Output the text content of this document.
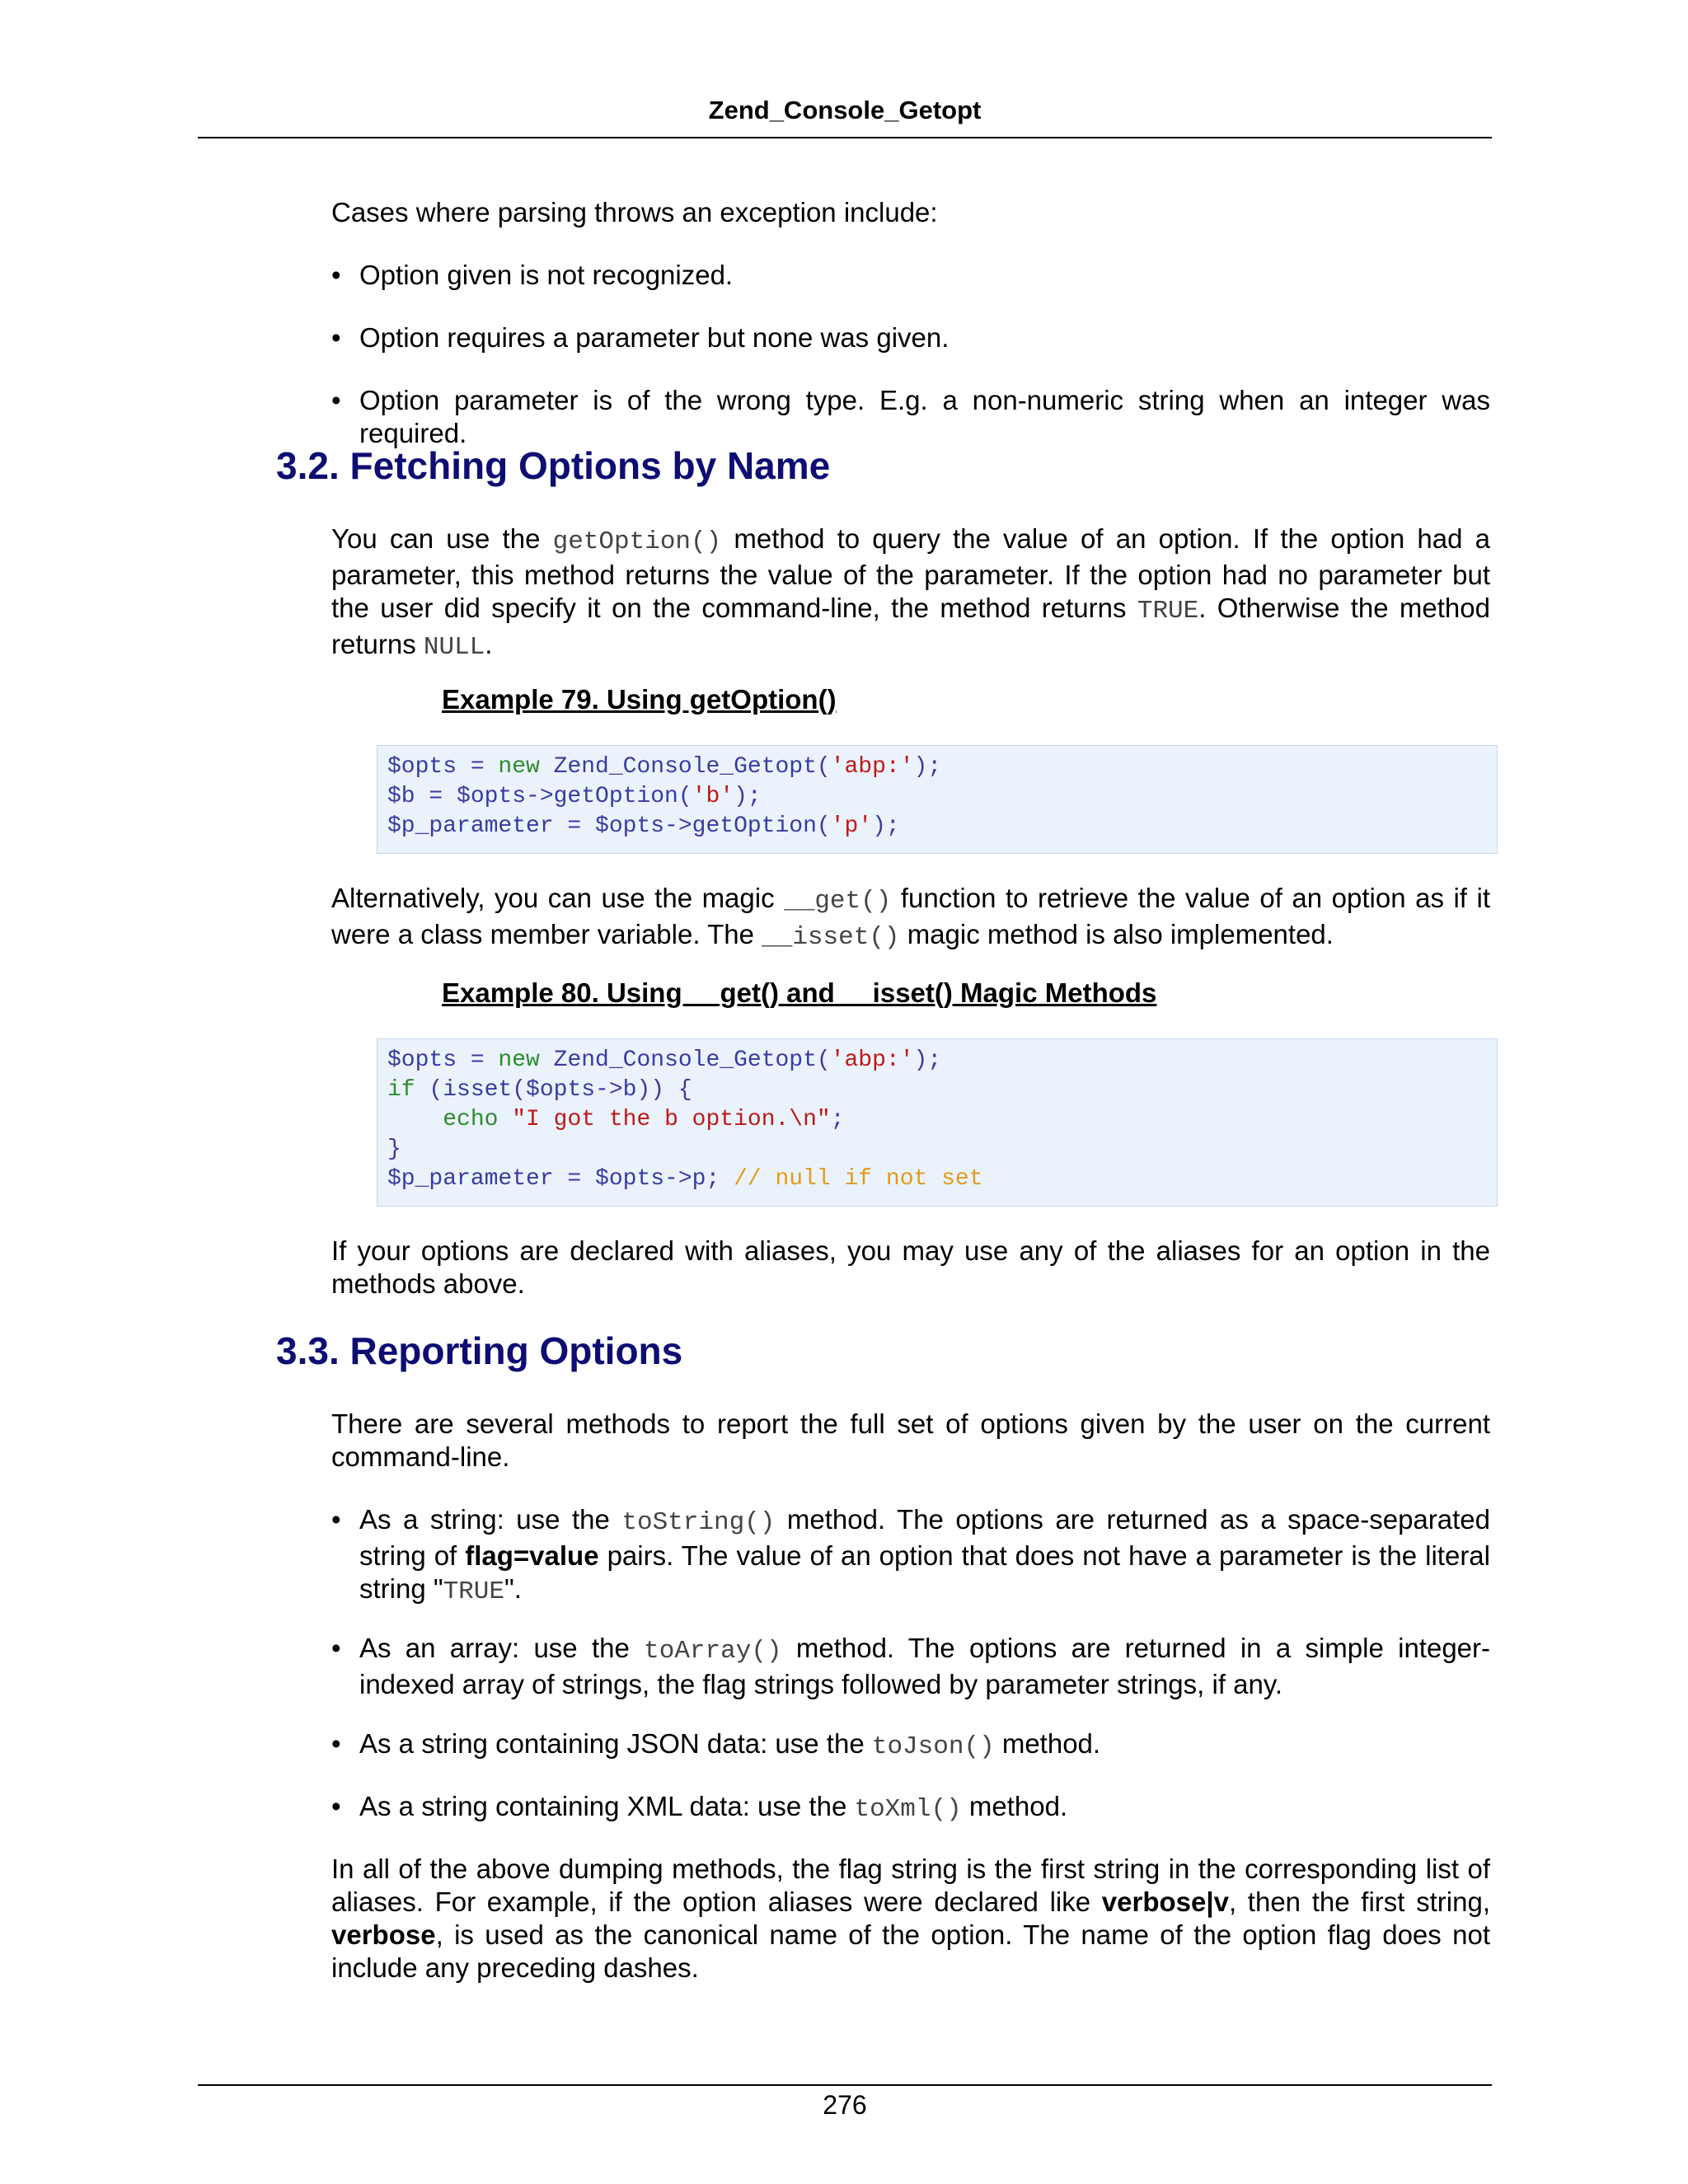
Zend_Console_Getopt

Cases where parsing throws an exception include:

• Option given is not recognized.
• Option requires a parameter but none was given.
• Option parameter is of the wrong type. E.g. a non-numeric string when an integer was required.
3.2. Fetching Options by Name

You can use the getOption() method to query the value of an option. If the option had a parameter, this method returns the value of the parameter. If the option had no parameter but the user did specify it on the command-line, the method returns TRUE. Otherwise the method returns NULL.

Example 79. Using getOption()
$opts = new Zend_Console_Getopt('abp:');
$b = $opts->getOption('b');
$p_parameter = $opts->getOption('p');

Alternatively, you can use the magic __get() function to retrieve the value of an option as if it were a class member variable. The __isset() magic method is also implemented.

Example 80. Using __get() and __isset() Magic Methods
$opts = new Zend_Console_Getopt('abp:');
if (isset($opts->b)) {
echo "I got the b option.\n";
}
$p_parameter = $opts->p; // null if not set

If your options are declared with aliases, you may use any of the aliases for an option in the methods above.

3.3. Reporting Options

There are several methods to report the full set of options given by the user on the current command-line.

• As a string: use the toString() method. The options are returned as a space-separated string of flag=value pairs. The value of an option that does not have a parameter is the literal string "TRUE".
• As an array: use the toArray() method. The options are returned in a simple integer-indexed array of strings, the flag strings followed by parameter strings, if any.
• As a string containing JSON data: use the toJson() method.
• As a string containing XML data: use the toXml() method.

In all of the above dumping methods, the flag string is the first string in the corresponding list of aliases. For example, if the option aliases were declared like verbose|v, then the first string, verbose, is used as the canonical name of the option. The name of the option flag does not include any preceding dashes.

276
